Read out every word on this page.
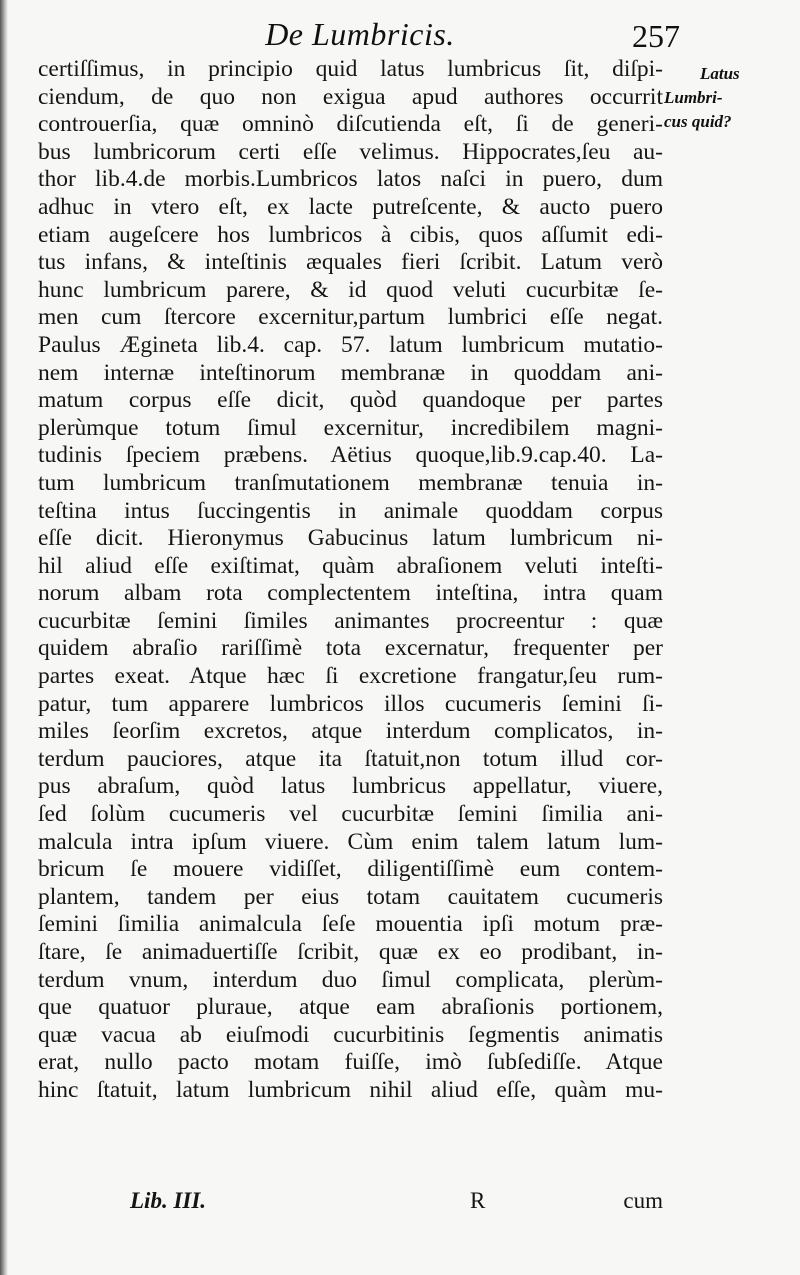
De Lumbricis.	257
Latus
Lumbri-
cus quid?
certiſſimus, in principio quid latus lumbricus ſit, diſpi-
ciendum, de quo non exigua apud authores occurrit
controuerſia, quæ omninò diſcutienda eſt, ſi de generi-
bus lumbricorum certi eſſe velimus. Hippocrates,ſeu au-
thor lib.4.de morbis.Lumbricos latos naſci in puero, dum
adhuc in vtero eſt, ex lacte putreſcente, & aucto puero
etiam augeſcere hos lumbricos à cibis, quos aſſumit edi-
tus infans, & inteſtinis æquales fieri ſcribit. Latum verò
hunc lumbricum parere, & id quod veluti cucurbitæ ſe-
men cum ſtercore excernitur,partum lumbrici eſſe negat.
Paulus Ægineta lib.4. cap. 57. latum lumbricum mutatio-
nem internæ inteſtinorum membranæ in quoddam ani-
matum corpus eſſe dicit, quòd quandoque per partes
plerùmque totum ſimul excernitur, incredibilem magni-
tudinis ſpeciem præbens. Aëtius quoque,lib.9.cap.40. La-
tum lumbricum tranſmutationem membranæ tenuia in-
teſtina intus ſuccingentis in animale quoddam corpus
eſſe dicit. Hieronymus Gabucinus latum lumbricum ni-
hil aliud eſſe exiſtimat, quàm abraſionem veluti inteſti-
norum albam rota complectentem inteſtina, intra quam
cucurbitæ ſemini ſimiles animantes procreentur : quæ
quidem abraſio rariſſimè tota excernatur, frequenter per
partes exeat. Atque hæc ſi excretione frangatur,ſeu rum-
patur, tum apparere lumbricos illos cucumeris ſemini ſi-
miles ſeorſim excretos, atque interdum complicatos, in-
terdum pauciores, atque ita ſtatuit,non totum illud cor-
pus abraſum, quòd latus lumbricus appellatur, viuere,
ſed ſolùm cucumeris vel cucurbitæ ſemini ſimilia ani-
malcula intra ipſum viuere. Cùm enim talem latum lum-
bricum ſe mouere vidiſſet, diligentiſſimè eum contem-
plantem, tandem per eius totam cauitatem cucumeris
ſemini ſimilia animalcula ſeſe mouentia ipſi motum præ-
ſtare, ſe animaduertiſſe ſcribit, quæ ex eo prodibant, in-
terdum vnum, interdum duo ſimul complicata, plerùm-
que quatuor pluraue, atque eam abraſionis portionem,
quæ vacua ab eiuſmodi cucurbitinis ſegmentis animatis
erat, nullo pacto motam fuiſſe, imò ſubſediſſe. Atque
hinc ſtatuit, latum lumbricum nihil aliud eſſe, quàm mu-
Lib. III.	R	cum
